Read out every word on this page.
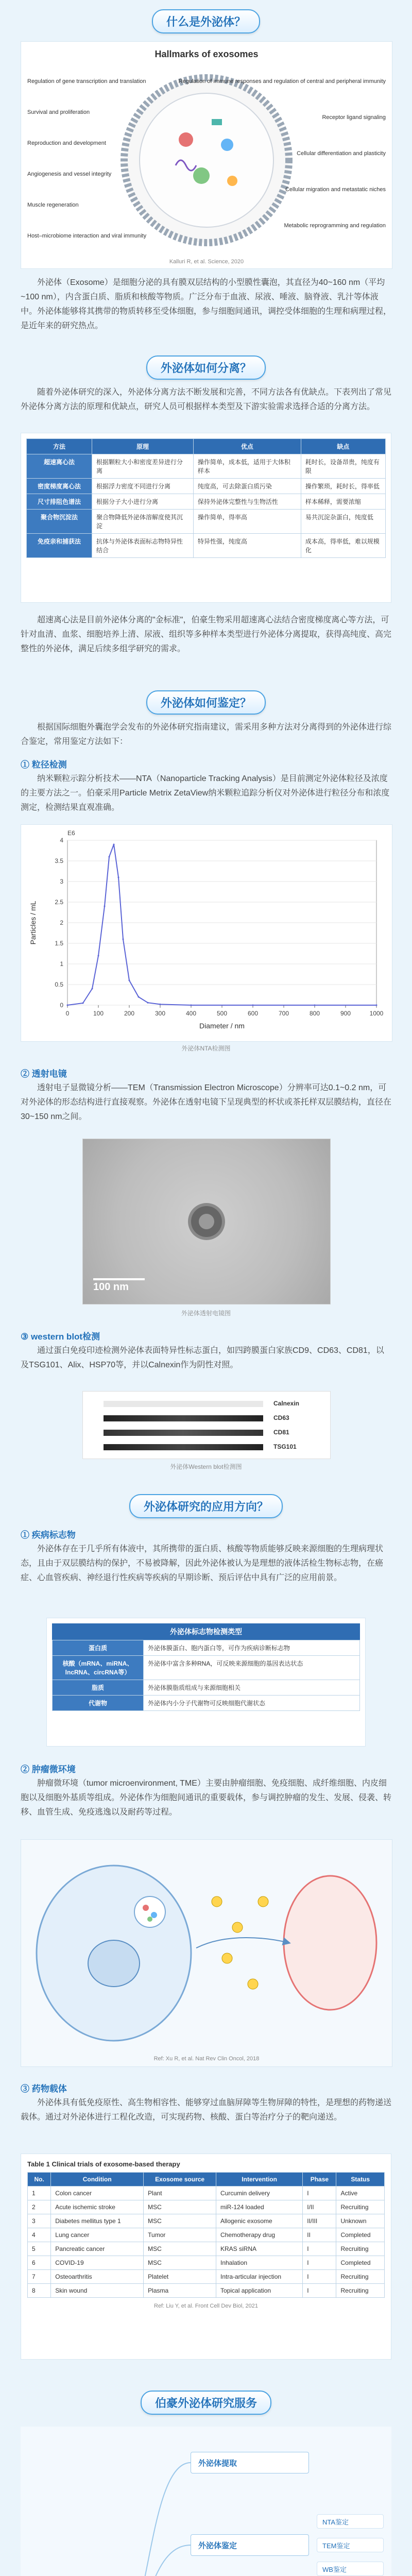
什么是外泌体？
Hallmarks of exosomes
Regulation of gene transcription and translation
Survival and proliferation
Reproduction and development
Angiogenesis and vessel integrity
Muscle regeneration
Host–microbiome interaction and viral immunity
Regulation of immune responses and regulation of central and peripheral immunity
Receptor ligand signaling
Cellular differentiation and plasticity
Cellular migration and metastatic niches
Metabolic reprogramming and regulation
Kalluri R, et al. Science, 2020
外泌体（Exosome）是细胞分泌的具有膜双层结构的小型膜性囊泡，其直径为40~160 nm（平均~100 nm），内含蛋白质、脂质和核酸等物质。广泛分布于血液、尿液、唾液、脑脊液、乳汁等体液中。外泌体能够将其携带的物质转移至受体细胞，参与细胞间通讯，调控受体细胞的生理和病理过程，是近年来的研究热点。
外泌体如何分离？
随着外泌体研究的深入，外泌体分离方法不断发展和完善，不同方法各有优缺点。下表列出了常见外泌体分离方法的原理和优缺点，研究人员可根据样本类型及下游实验需求选择合适的分离方法。
方法	原理	优点	缺点
超速离心法	根据颗粒大小和密度差异进行分离	操作简单，成本低，适用于大体积样本	耗时长，设备昂贵，纯度有限
密度梯度离心法	根据浮力密度不同进行分离	纯度高，可去除蛋白质污染	操作繁琐，耗时长，得率低
尺寸排阻色谱法	根据分子大小进行分离	保持外泌体完整性与生物活性	样本稀释，需要浓缩
聚合物沉淀法	聚合物降低外泌体溶解度使其沉淀	操作简单，得率高	易共沉淀杂蛋白，纯度低
免疫亲和捕获法	抗体与外泌体表面标志物特异性结合	特异性强，纯度高	成本高，得率低，难以规模化
超速离心法是目前外泌体分离的"金标准"，伯豪生物采用超速离心法结合密度梯度离心等方法，可针对血清、血浆、细胞培养上清、尿液、组织等多种样本类型进行外泌体分离提取，获得高纯度、高完整性的外泌体，满足后续多组学研究的需求。
外泌体如何鉴定？
根据国际细胞外囊泡学会发布的外泌体研究指南建议，需采用多种方法对分离得到的外泌体进行综合鉴定，常用鉴定方法如下：
① 粒径检测
纳米颗粒示踪分析技术——NTA（Nanoparticle Tracking Analysis）是目前测定外泌体粒径及浓度的主要方法之一。伯豪采用Particle Metrix ZetaView纳米颗粒追踪分析仪对外泌体进行粒径分布和浓度测定，检测结果直观准确。
0
0.5
1
1.5
2
2.5
3
3.5
4
0	100	200	300	400	500	600	700	800	900	1000
E6
Diameter / nm
Particles / mL
外泌体NTA检测图
② 透射电镜
透射电子显微镜分析——TEM（Transmission Electron Microscope）分辨率可达0.1~0.2 nm，可对外泌体的形态结构进行直接观察。外泌体在透射电镜下呈现典型的杯状或茶托样双层膜结构，直径在30~150 nm之间。
100 nm
外泌体透射电镜图
③ western blot检测
通过蛋白免疫印迹检测外泌体表面特异性标志蛋白，如四跨膜蛋白家族CD9、CD63、CD81，以及TSG101、Alix、HSP70等，并以Calnexin作为阴性对照。
Calnexin
CD63
CD81
TSG101
外泌体Western blot检测图
外泌体研究的应用方向？
① 疾病标志物
外泌体存在于几乎所有体液中，其所携带的蛋白质、核酸等物质能够反映来源细胞的生理病理状态，且由于双层膜结构的保护，不易被降解，因此外泌体被认为是理想的液体活检生物标志物，在癌症、心血管疾病、神经退行性疾病等疾病的早期诊断、预后评估中具有广泛的应用前景。
外泌体标志物检测类型
蛋白质	外泌体膜蛋白、胞内蛋白等，可作为疾病诊断标志物
核酸（mRNA、miRNA、lncRNA、circRNA等）	外泌体中富含多种RNA，可反映来源细胞的基因表达状态
脂质	外泌体膜脂质组成与来源细胞相关
代谢物	外泌体内小分子代谢物可反映细胞代谢状态
② 肿瘤微环境
肿瘤微环境（tumor microenvironment, TME）主要由肿瘤细胞、免疫细胞、成纤维细胞、内皮细胞以及细胞外基质等组成。外泌体作为细胞间通讯的重要载体，参与调控肿瘤的发生、发展、侵袭、转移、血管生成、免疫逃逸以及耐药等过程。
Ref: Xu R, et al. Nat Rev Clin Oncol, 2018
③ 药物载体
外泌体具有低免疫原性、高生物相容性、能够穿过血脑屏障等生物屏障的特性，是理想的药物递送载体。通过对外泌体进行工程化改造，可实现药物、核酸、蛋白等治疗分子的靶向递送。
Table 1 Clinical trials of exosome-based therapy
No.	Condition	Exosome source	Intervention	Phase	Status
1	Colon cancer	Plant	Curcumin delivery	I	Active
2	Acute ischemic stroke	MSC	miR-124 loaded	I/II	Recruiting
3	Diabetes mellitus type 1	MSC	Allogenic exosome	II/III	Unknown
4	Lung cancer	Tumor	Chemotherapy drug	II	Completed
5	Pancreatic cancer	MSC	KRAS siRNA	I	Recruiting
6	COVID-19	MSC	Inhalation	I	Completed
7	Osteoarthritis	Platelet	Intra-articular injection	I	Recruiting
8	Skin wound	Plasma	Topical application	I	Recruiting
Ref: Liu Y, et al. Front Cell Dev Biol, 2021
伯豪外泌体研究服务
外泌体提取
外泌体鉴定
NTA鉴定
TEM鉴定
WB鉴定
